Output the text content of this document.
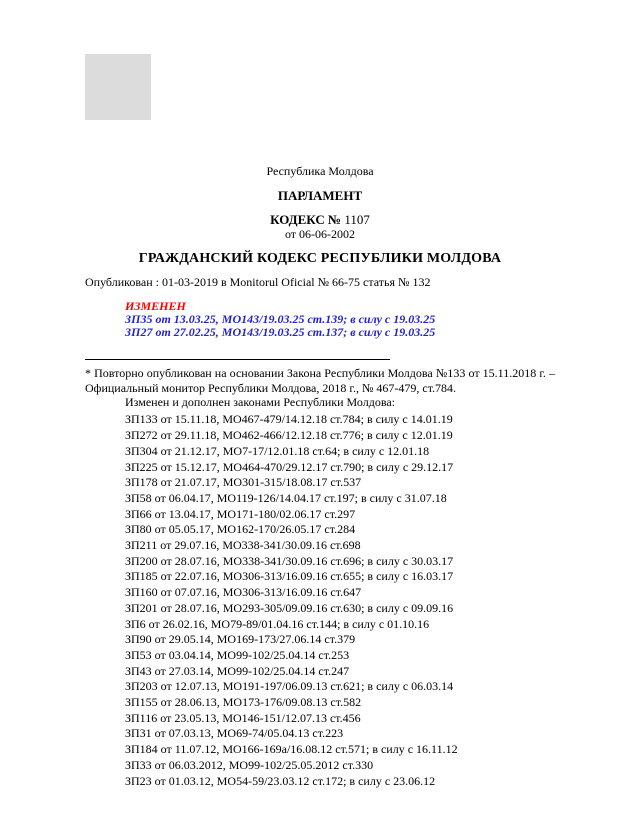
Республика Молдова
ПАРЛАМЕНТ
КОДЕКС № 1107
от 06-06-2002
ГРАЖДАНСКИЙ КОДЕКС РЕСПУБЛИКИ МОЛДОВА

Опубликован : 01-03-2019 в Monitorul Oficial № 66-75 статья № 132

ИЗМЕНЕН
ЗП35 от 13.03.25, МО143/19.03.25 ст.139; в силу с 19.03.25
ЗП27 от 27.02.25, МО143/19.03.25 ст.137; в силу с 19.03.25

* Повторно опубликован на основании Закона Республики Молдова №133 от 15.11.2018 г. – Официальный монитор Республики Молдова, 2018 г., № 467-479, ст.784.

Изменен и дополнен законами Республики Молдова:

ЗП133 от 15.11.18, МО467-479/14.12.18 ст.784; в силу с 14.01.19
ЗП272 от 29.11.18, МО462-466/12.12.18 ст.776; в силу с 12.01.19
ЗП304 от 21.12.17, МО7-17/12.01.18 ст.64; в силу с 12.01.18
ЗП225 от 15.12.17, МО464-470/29.12.17 ст.790; в силу с 29.12.17
ЗП178 от 21.07.17, МО301-315/18.08.17 ст.537
ЗП58 от 06.04.17, МО119-126/14.04.17 ст.197; в силу с 31.07.18
ЗП66 от 13.04.17, МО171-180/02.06.17 ст.297
ЗП80 от 05.05.17, МО162-170/26.05.17 ст.284
ЗП211 от 29.07.16, МО338-341/30.09.16 ст.698
ЗП200 от 28.07.16, МО338-341/30.09.16 ст.696; в силу с 30.03.17
ЗП185 от 22.07.16, МО306-313/16.09.16 ст.655; в силу с 16.03.17
ЗП160 от 07.07.16, МО306-313/16.09.16 ст.647
ЗП201 от 28.07.16, МО293-305/09.09.16 ст.630; в силу с 09.09.16
ЗП6 от 26.02.16, МО79-89/01.04.16 ст.144; в силу с 01.10.16
ЗП90 от 29.05.14, МО169-173/27.06.14 ст.379
ЗП53 от 03.04.14, МО99-102/25.04.14 ст.253
ЗП43 от 27.03.14, МО99-102/25.04.14 ст.247
ЗП203 от 12.07.13, МО191-197/06.09.13 ст.621; в силу с 06.03.14
ЗП155 от 28.06.13, МО173-176/09.08.13 ст.582
ЗП116 от 23.05.13, МО146-151/12.07.13 ст.456
ЗП31 от 07.03.13, МО69-74/05.04.13 ст.223
ЗП184 от 11.07.12, МО166-169а/16.08.12 ст.571; в силу с 16.11.12
ЗП33 от 06.03.2012, МО99-102/25.05.2012 ст.330
ЗП23 от 01.03.12, МО54-59/23.03.12 ст.172; в силу с 23.06.12
